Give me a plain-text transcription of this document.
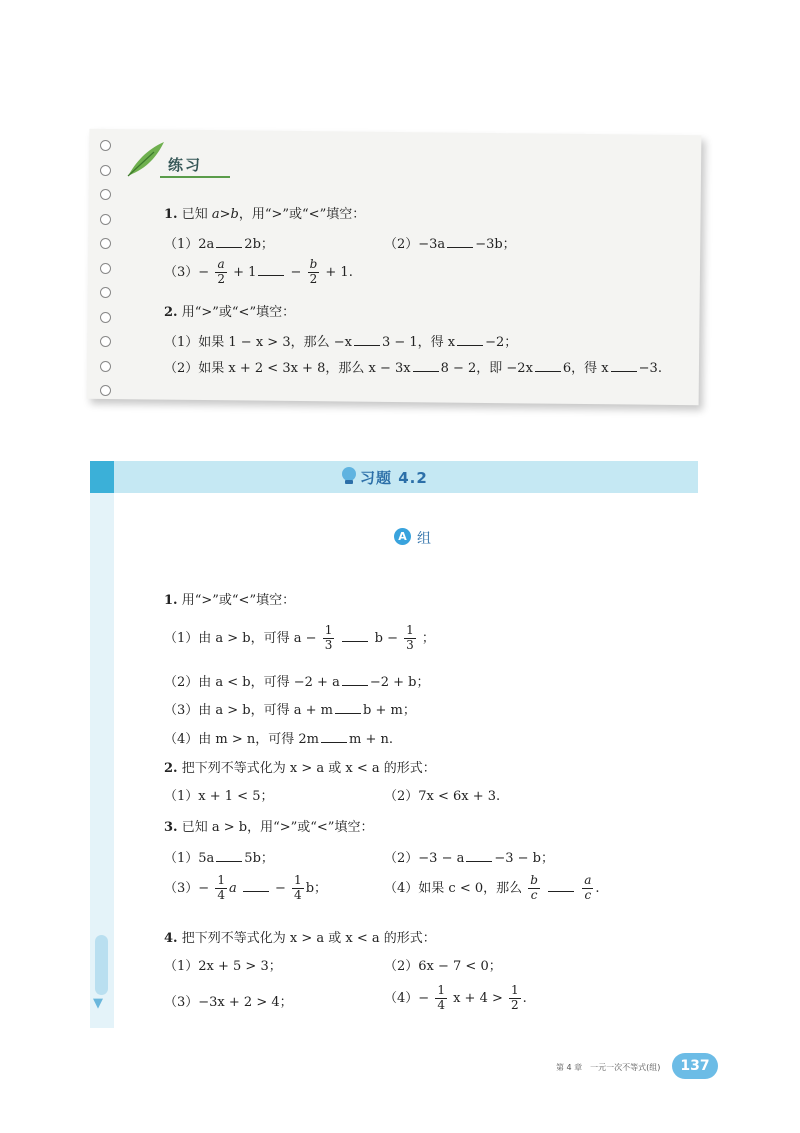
练习
1. 已知 a>b，用“>”或“<”填空：
（1）2a 2b；	（2）−3a −3b；
$(3)- \frac{a}{2} + 1$	− $\frac{b}{2} + 1$.
2. 用“>”或“<”填空：
（1）如果 1 − x > 3，那么 −x 3 − 1，得 x −2；
（2）如果 x + 2 < 3x + 8，那么 x − 3x 8 − 2，即 −2x 6，得 x −3.
习题 4.2
A 组
1. 用“>”或“<”填空：
（1）由 a > b，可得 $a - \frac{1}{3}$	$b - \frac{1}{3}$ ；
（2）由 a < b，可得 −2 + a −2 + b；
（3）由 a > b，可得 a + m b + m；
（4）由 m > n，可得 2m m + n.
2. 把下列不等式化为 x > a 或 x < a 的形式：
（1）x + 1 < 5；	（2）7x < 6x + 3.
3. 已知 a > b，用“>”或“<”填空：
（1）5a 5b；	（2）−3 − a −3 − b；
$(3)- \frac{1}{4}$ a	− $\frac{1}{4}$ b；	（4）如果 c < 0，那么 $\frac{b}{c}$
	$\frac{a}{c}$ .
4. 把下列不等式化为 x > a 或 x < a 的形式：
（1）2x + 5 > 3；	（2）6x − 7 < 0；
（3）−3x + 2 > 4；	$(4)- \frac{1}{4}$ $x + 4 > \frac{1}{2}$ .
▼
第 4 章　一元一次不等式(组)	137
